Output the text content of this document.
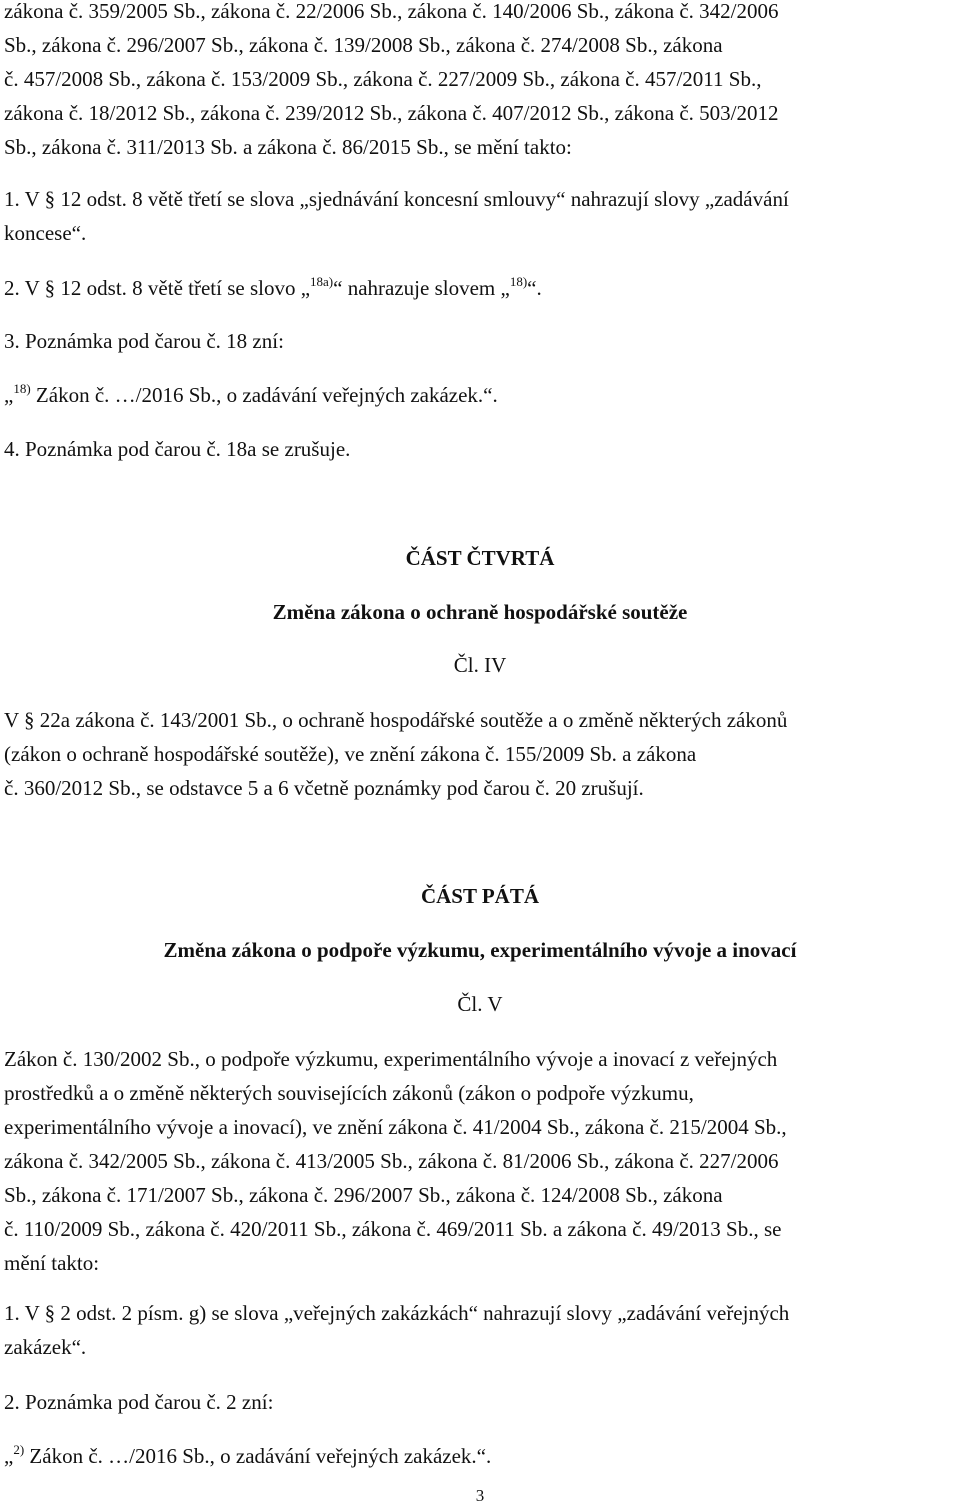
zákona č. 359/2005 Sb., zákona č. 22/2006 Sb., zákona č. 140/2006 Sb., zákona č. 342/2006
Sb., zákona č. 296/2007 Sb., zákona č. 139/2008 Sb., zákona č. 274/2008 Sb., zákona
č. 457/2008 Sb., zákona č. 153/2009 Sb., zákona č. 227/2009 Sb., zákona č. 457/2011 Sb.,
zákona č. 18/2012 Sb., zákona č. 239/2012 Sb., zákona č. 407/2012 Sb., zákona č. 503/2012
Sb., zákona č. 311/2013 Sb. a zákona č. 86/2015 Sb., se mění takto:
1. V § 12 odst. 8 větě třetí se slova „sjednávání koncesní smlouvy“ nahrazují slovy „zadávání
koncese“.
2. V § 12 odst. 8 větě třetí se slovo „$^{18a)}$“ nahrazuje slovem „$^{18)}$“.
3. Poznámka pod čarou č. 18 zní:
„$^{18)}$ Zákon č. …/2016 Sb., o zadávání veřejných zakázek.“.
4. Poznámka pod čarou č. 18a se zrušuje.
ČÁST ČTVRTÁ
Změna zákona o ochraně hospodářské soutěže
Čl. IV
V § 22a zákona č. 143/2001 Sb., o ochraně hospodářské soutěže a o změně některých zákonů
(zákon o ochraně hospodářské soutěže), ve znění zákona č. 155/2009 Sb. a zákona
č. 360/2012 Sb., se odstavce 5 a 6 včetně poznámky pod čarou č. 20 zrušují.
ČÁST PÁTÁ
Změna zákona o podpoře výzkumu, experimentálního vývoje a inovací
Čl. V
Zákon č. 130/2002 Sb., o podpoře výzkumu, experimentálního vývoje a inovací z veřejných
prostředků a o změně některých souvisejících zákonů (zákon o podpoře výzkumu,
experimentálního vývoje a inovací), ve znění zákona č. 41/2004 Sb., zákona č. 215/2004 Sb.,
zákona č. 342/2005 Sb., zákona č. 413/2005 Sb., zákona č. 81/2006 Sb., zákona č. 227/2006
Sb., zákona č. 171/2007 Sb., zákona č. 296/2007 Sb., zákona č. 124/2008 Sb., zákona
č. 110/2009 Sb., zákona č. 420/2011 Sb., zákona č. 469/2011 Sb. a zákona č. 49/2013 Sb., se
mění takto:
1. V § 2 odst. 2 písm. g) se slova „veřejných zakázkách“ nahrazují slovy „zadávání veřejných
zakázek“.
2. Poznámka pod čarou č. 2 zní:
„$^{2)}$ Zákon č. …/2016 Sb., o zadávání veřejných zakázek.“.
3
